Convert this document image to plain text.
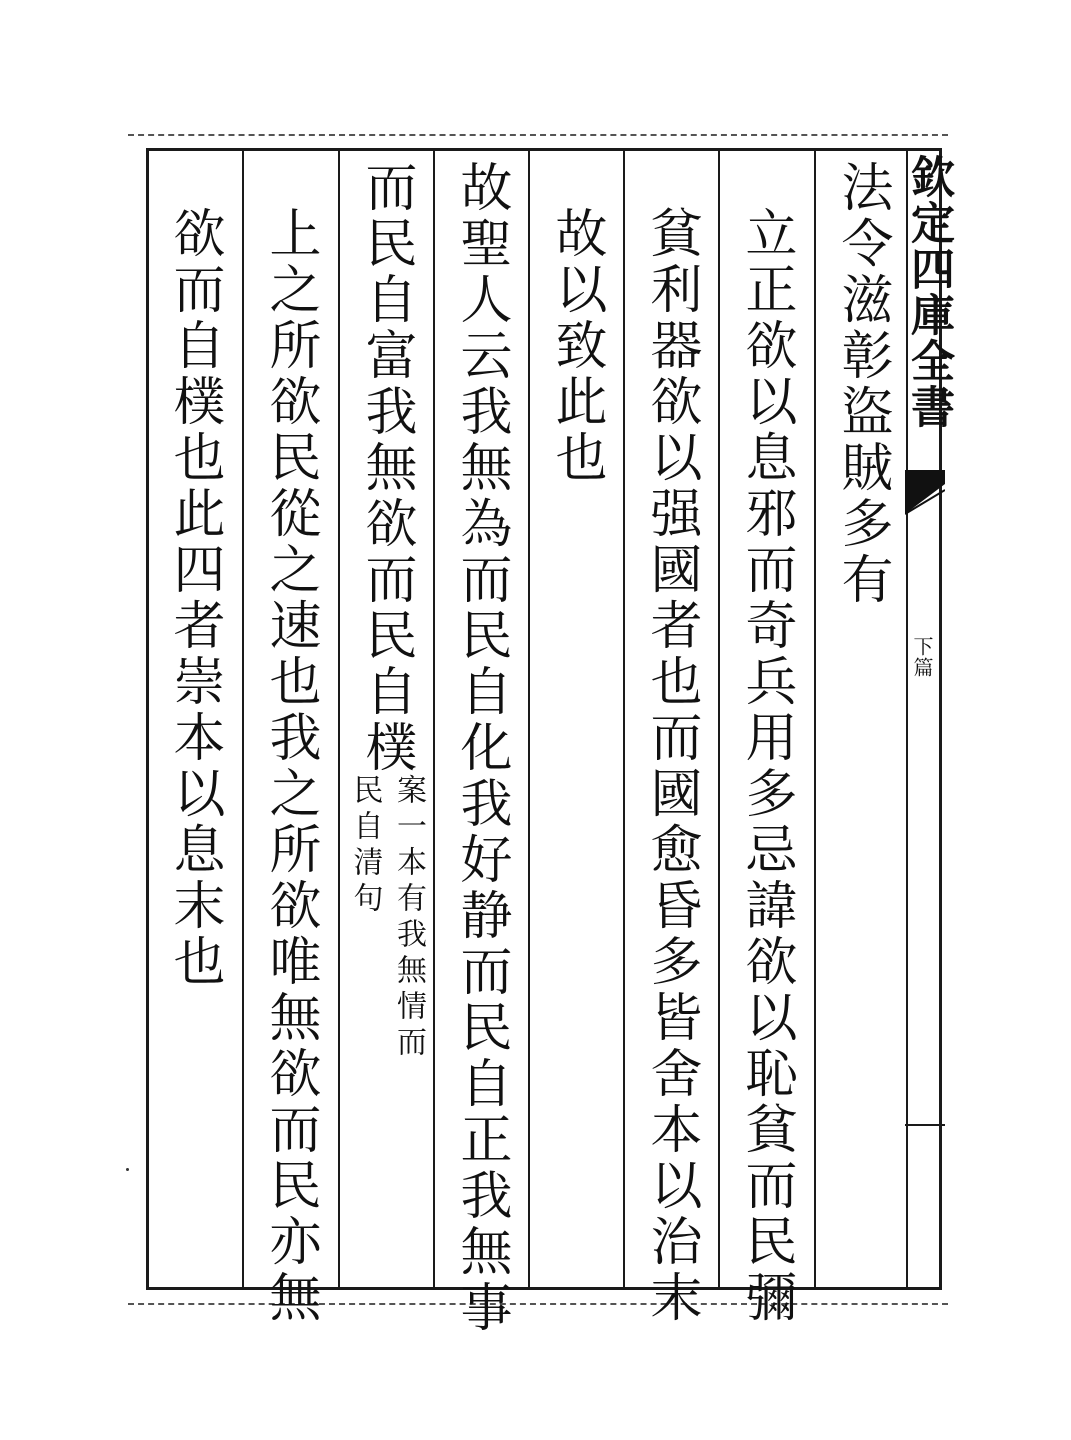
欽定四庫全書
下篇
法令滋彰盜賊多有
立正欲以息邪而奇兵用多忌諱欲以恥貧而民彌
貧利器欲以强國者也而國愈昏多皆舍本以治末
故以致此也
故聖人云我無為而民自化我好静而民自正我無事
而民自富我無欲而民自樸
案一本有我無情而民自清句
上之所欲民從之速也我之所欲唯無欲而民亦無
欲而自樸也此四者崇本以息末也
